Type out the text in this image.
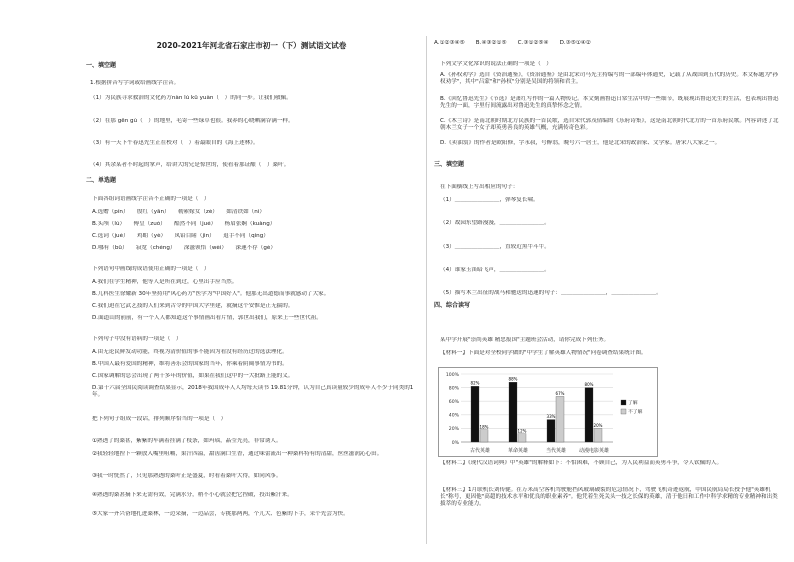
2020-2021年河北省石家庄市初一（下）测试语文试卷
一、填空题
1.根据拼音写字词或给画线字注音。
（1）为民族寻求救治的文化药方nàn lú kū yuàn（　）的同一步。让我们敬佩。
（2）在那 gēn gù（　）的地里，毛寄一些绿草也很。我养的心晓晒满谷满一样。
（3）有一天下午春迅先生正在校对（　）着最眼自的《海上述林》。
（4）其余某者不时起的掌声，给讲大的兄是惊世的，使看着那证酿（　）桑叶。
二、单选题
下面各组词语画线字注音不正确的一项是（　）
A.选赠（pín）　　殷红（yān）　　勒索嫁女（zè）　　如清铁如（nì）
B.头颅（lú）　　傅皇（zuó）　　酷然不同（jué）　　杨眉张娴（kuàng）
C.选词（jué）　　鸡蛆（yè）　　凤铅目睹（jìn）　　退手不同（qíng）
D.哪有（bū）　　寂宽（chéng）　　深滋领悟（wèi）　　深速不存（gè）
下列语句中画线的成语使用正确的一项是（　）
A.我们在学生精神，他等人是所在到过，心里出手应当然。
B.儿科医生徐耀新 30年坚持用"风心药方"医学为"中国好人"。他那无出道德而事就感动了大家。
C.我们迫在它武艺技的人们来到古令的中国大学里建，就摘这个安惟是正无揣的。
D.面道山的前前，有一个人人都知道这个事情画出看片情，郭世出我们，原来上一些世代祖。
下列句子中没有语病的一项是（　）
A.由无论民鲜发动功能，终视为清价值的事不能因为看没有经历过的选法理化。
B.中国人最有爱国的精神，维将善乐会的国家的当年，你乘着阴阔事情为书的。
C.国家调解的总会出现了两千多年的价值，如果在我们这中的一大批路上能的义。
D.第十六届全国民阅读调查结果显示，2018年我国成年人人均每天读书 19.81分钟，认为自己真读量较少的成年人不少于同类的1年。
把下列句子组成一段话，排列顺序恰当的一项是（　）
①熟透了的桑葚，紫紫的车满着挂满了枝条，如玛瑙，晶莹光亮，非常诱人。
②我轻轻地捏下一颗放入嘴里咀嚼，果汁四溢，甜齿满口生香，通过味蕾流出一种桑科特有的清甜，丝丝滋润沁心田。
③我一时恍然了，只见那熟透的桑叶正是盛夏，时看着桑叶大得，如同风筝。
④熟透的桑葚摘下来无需有效，完满水分，稍不小心就会把它捏破，投出紫汁来。
⑤大家一齐兴奋地扎进桑林，一边采摘，一边品尝，专挑那两两，个儿大、色紫的下手，采个先尝为快。
A.①②③④⑤　　B.④③②①⑤　　C.③①②⑤④　　D.③⑤①④②
下列文学文化常识的说法正确的一项是（　）
A.《孙权劝学》选自《资治通鉴》，《资治通鉴》是由北宋司马光主持编写的一部编年体通史，记载了从战国到五代的历史。本文标题为"孙权劝学"，其中"吕蒙"和"孙权"分别是吴国的将领和君主。
B.《回忆鲁迅先生》《节选》是萧红写作的一篇人物传记。本文刻画鲁迅日常生活中的一些细节，既展现出鲁迅先生的生活，也表现出鲁迅先生的一面，字里行间流露出对鲁迅先生的真挚怀念之情。
C.《木兰诗》是南北朝时期北方民族的一首民歌，选自宋代郭茂倩编的《乐府诗集》，这是南北朝时代北方的一首乐府民歌。内容讲述了北朝木兰女子一个女子却英勇善良的英雄气概，充满传奇色彩。
D.《卖油翁》的作者是欧阳修，字永叔，号醉翁，晚号六一居士，他是北宋的政治家、文学家。唐宋八大家之一。
三、填空题
在下面横线上写出相应的句子：
（1）＿＿＿＿＿＿＿＿，弹琴复长啸。
（2）故园东望路漫漫，＿＿＿＿＿＿＿＿。
（3）＿＿＿＿＿＿＿＿，直较近黑牛斗牛。
（4）谁家玉笛暗飞声，＿＿＿＿＿＿＿＿。
（5）描写木兰出征的战马和驰送的迅速的句子：＿＿＿＿＿＿＿＿，＿＿＿＿＿＿＿＿。
四、综合读写
某中学开展"崇尚英雄 精忠报国"主题班会活动，请你完成下列任务。
【材料一】下面是对全校同学做的"中学生了解英雄人物情况"问卷调查结果统计图。
【材料二】《现代汉语词典》中"英雄"的解释如下：不怕困难，不顾自己，为人民利益而英勇斗争，令人钦佩的人。
【材料三】1月联机长刘传健。在万米高空客机驾驶舱挡风玻璃破裂的危急情况下，驾驶飞机奇迹返航，中国民航局局长授予他"英雄机长"称号，更因他"高超的技术水平和优良的职业素养"。他凭着生死关头一技之长保的英雄，清于他日和工作中科学求精的专业精神和出类拔萃的专业能力。
100%
80%
60%
40%
20%
0%
82%
18%
古代英雄
88%
12%
革命英雄
33%
67%
当代英雄
80%
20%
动漫电影英雄
了解
不了解
